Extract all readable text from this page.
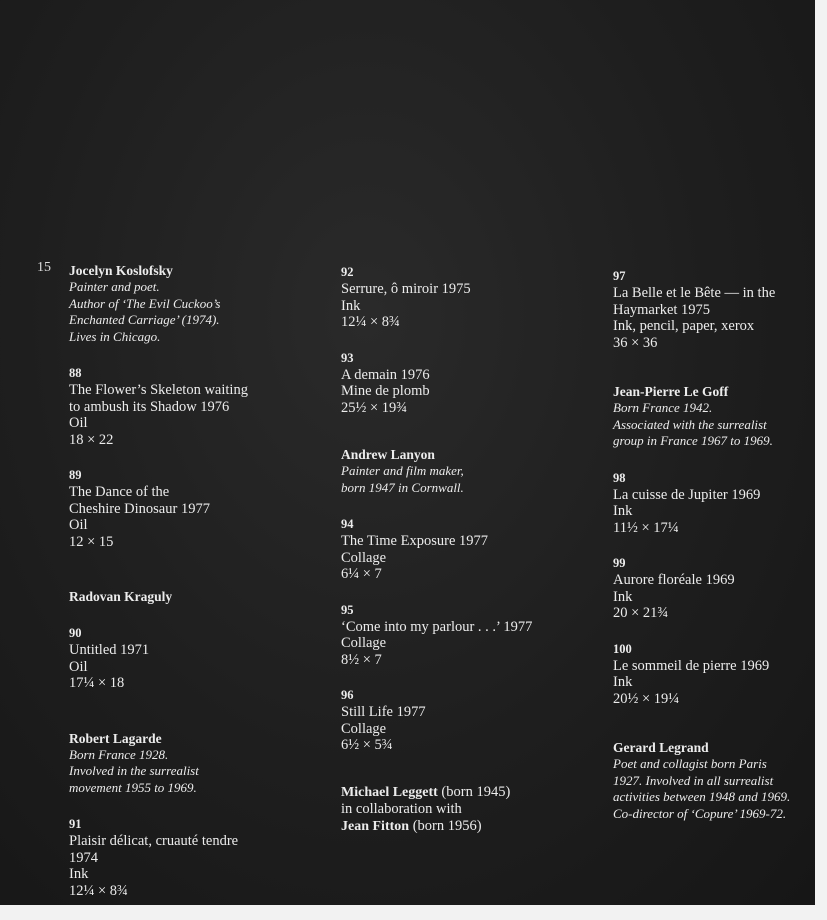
15 Jocelyn Koslofsky
Painter and poet.
Author of ‘The Evil Cuckoo’s
Enchanted Carriage’ (1974).
Lives in Chicago.
88
The Flower’s Skeleton waiting
to ambush its Shadow 1976
Oil
18 × 22
89
The Dance of the
Cheshire Dinosaur 1977
Oil
12 × 15
Radovan Kraguly
90
Untitled 1971
Oil
17¼ × 18
Robert Lagarde
Born France 1928.
Involved in the surrealist
movement 1955 to 1969.
91
Plaisir délicat, cruauté tendre
1974
Ink
12¼ × 8¾
92
Serrure, ô miroir 1975
Ink
12¼ × 8¾
93
A demain 1976
Mine de plomb
25½ × 19¾
Andrew Lanyon
Painter and film maker,
born 1947 in Cornwall.
94
The Time Exposure 1977
Collage
6¼ × 7
95
‘Come into my parlour . . .’ 1977
Collage
8½ × 7
96
Still Life 1977
Collage
6½ × 5¾
Michael Leggett (born 1945)
in collaboration with
Jean Fitton (born 1956)
97
La Belle et le Bête — in the
Haymarket 1975
Ink, pencil, paper, xerox
36 × 36
Jean-Pierre Le Goff
Born France 1942.
Associated with the surrealist
group in France 1967 to 1969.
98
La cuisse de Jupiter 1969
Ink
11½ × 17¼
99
Aurore floréale 1969
Ink
20 × 21¾
100
Le sommeil de pierre 1969
Ink
20½ × 19¼
Gerard Legrand
Poet and collagist born Paris
1927. Involved in all surrealist
activities between 1948 and 1969.
Co-director of ‘Copure’ 1969-72.
